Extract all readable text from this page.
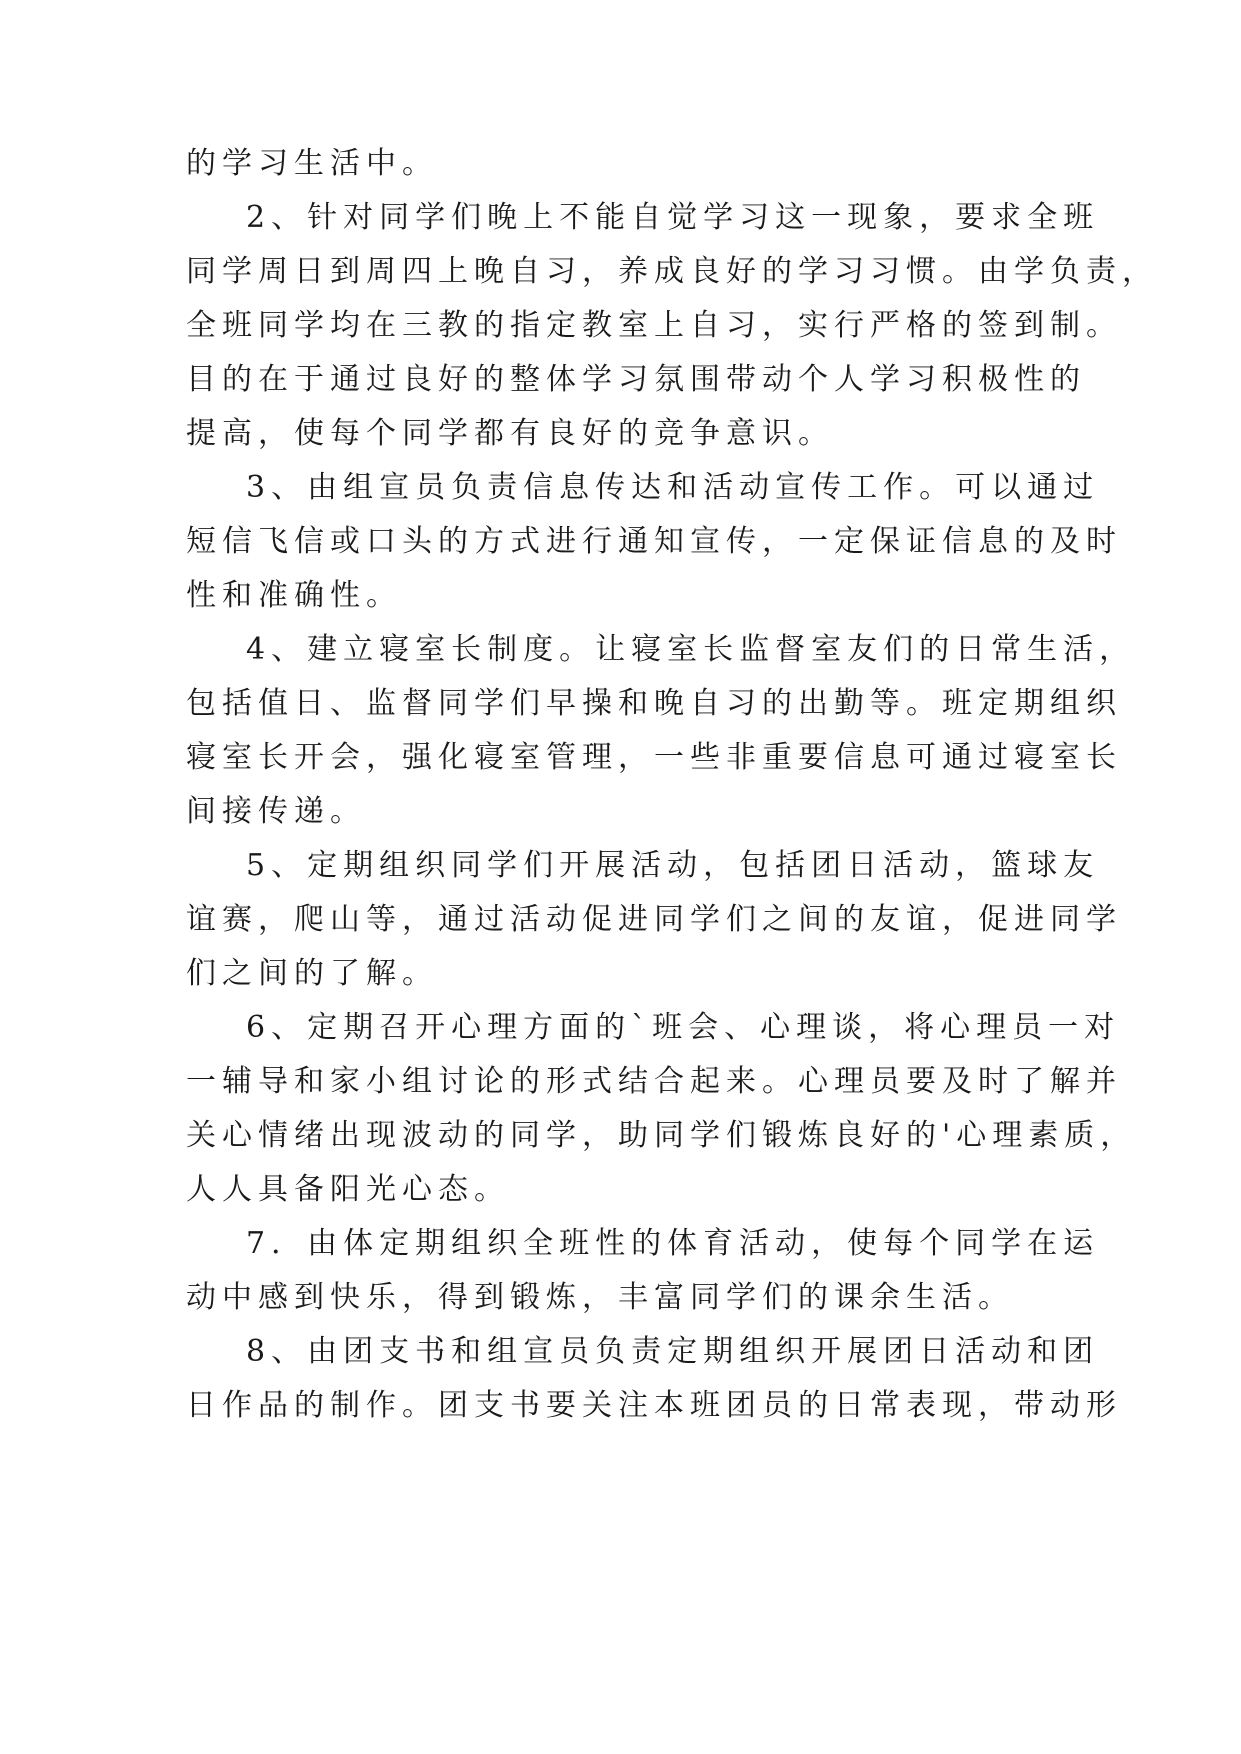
的学习生活中。
2、针对同学们晚上不能自觉学习这一现象，要求全班
同学周日到周四上晚自习，养成良好的学习习惯。由学负责，
全班同学均在三教的指定教室上自习，实行严格的签到制。
目的在于通过良好的整体学习氛围带动个人学习积极性的
提高，使每个同学都有良好的竞争意识。
3、由组宣员负责信息传达和活动宣传工作。可以通过
短信飞信或口头的方式进行通知宣传，一定保证信息的及时
性和准确性。
4、建立寝室长制度。让寝室长监督室友们的日常生活，
包括值日、监督同学们早操和晚自习的出勤等。班定期组织
寝室长开会，强化寝室管理，一些非重要信息可通过寝室长
间接传递。
5、定期组织同学们开展活动，包括团日活动，篮球友
谊赛，爬山等，通过活动促进同学们之间的友谊，促进同学
们之间的了解。
6、定期召开心理方面的`班会、心理谈，将心理员一对
一辅导和家小组讨论的形式结合起来。心理员要及时了解并
关心情绪出现波动的同学，助同学们锻炼良好的'心理素质，
人人具备阳光心态。
7．由体定期组织全班性的体育活动，使每个同学在运
动中感到快乐，得到锻炼，丰富同学们的课余生活。
8、由团支书和组宣员负责定期组织开展团日活动和团
日作品的制作。团支书要关注本班团员的日常表现，带动形
